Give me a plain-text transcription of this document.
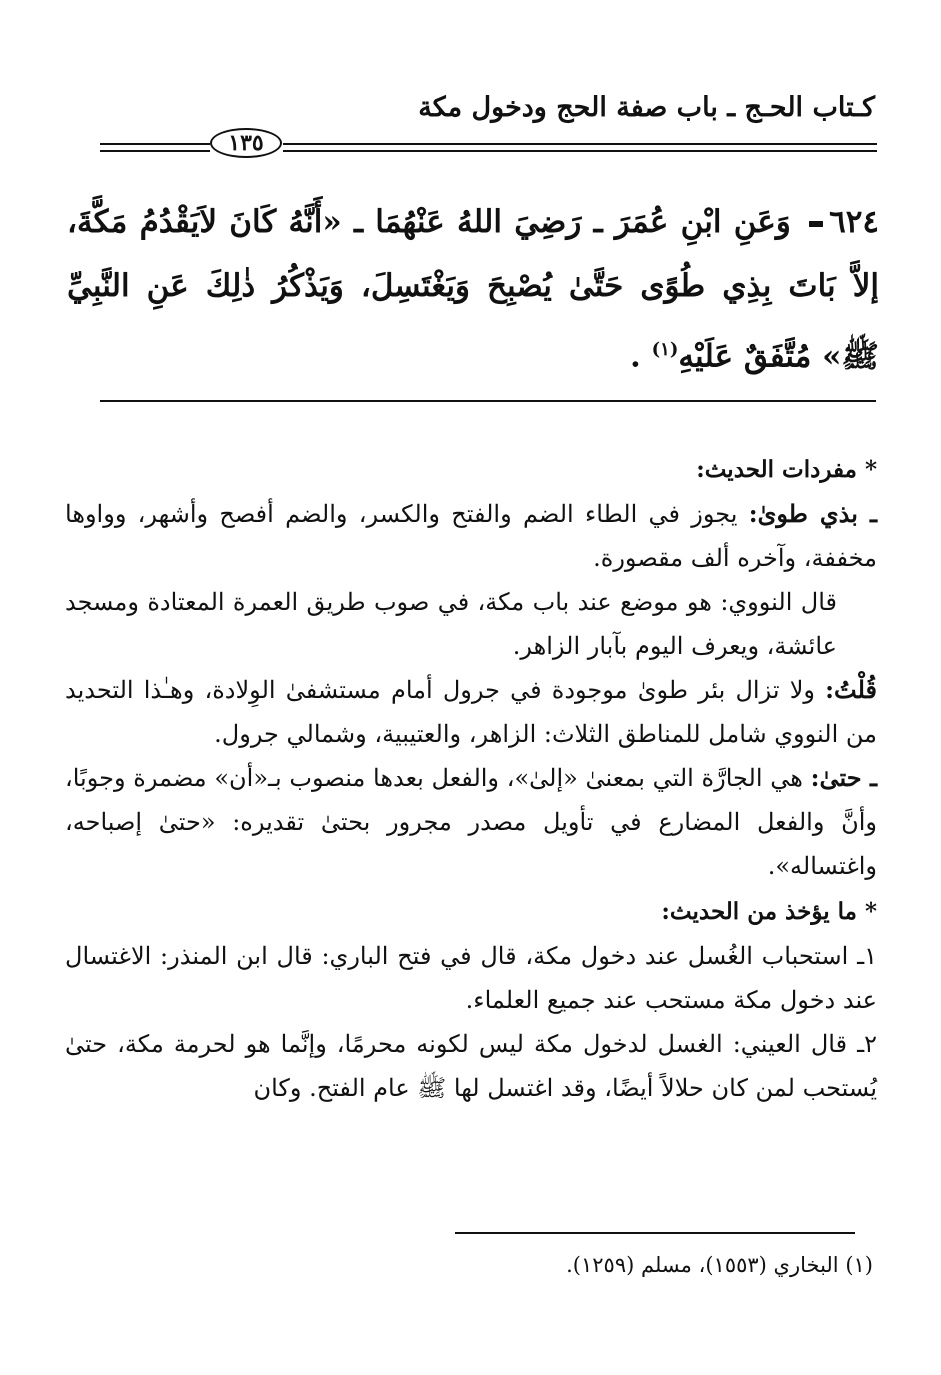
كـتاب الحـج ـ باب صفة الحج ودخول مكة
١٣٥
٦٢٤ وَعَنِ ابْنِ عُمَرَ ـ رَضِيَ اللهُ عَنْهُمَا ـ «أَنَّهُ كَانَ لاَيَقْدُمُ مَكَّةَ، إلاَّ بَاتَ بِذِي طُوًى حَتَّىٰ يُصْبِحَ وَيَغْتَسِلَ، وَيَذْكُرُ ذٰلِكَ عَنِ النَّبِيِّ ﷺ» مُتَّفَقٌ عَلَيْهِ$^{(١)}$ .

* مفردات الحديث:

ـ بذي طوىٰ: يجوز في الطاء الضم والفتح والكسر، والضم أفصح وأشهر، وواوها مخففة، وآخره ألف مقصورة.

قال النووي: هو موضع عند باب مكة، في صوب طريق العمرة المعتادة ومسجد عائشة، ويعرف اليوم بآبار الزاهر.

قُلْتُ: ولا تزال بئر طوىٰ موجودة في جرول أمام مستشفىٰ الوِلادة، وهـٰذا التحديد من النووي شامل للمناطق الثلاث: الزاهر، والعتيبية، وشمالي جرول.

ـ حتىٰ: هي الجارَّة التي بمعنىٰ «إلىٰ»، والفعل بعدها منصوب بـ«أن» مضمرة وجوبًا، وأنَّ والفعل المضارع في تأويل مصدر مجرور بحتىٰ تقديره: «حتىٰ إصباحه، واغتساله».

* ما يؤخذ من الحديث:

١ـ استحباب الغُسل عند دخول مكة، قال في فتح الباري: قال ابن المنذر: الاغتسال عند دخول مكة مستحب عند جميع العلماء.

٢ـ قال العيني: الغسل لدخول مكة ليس لكونه محرمًا، وإنَّما هو لحرمة مكة، حتىٰ يُستحب لمن كان حلالاً أيضًا، وقد اغتسل لها ﷺ عام الفتح. وكان

(١) البخاري (١٥٥٣)، مسلم (١٢٥٩).
